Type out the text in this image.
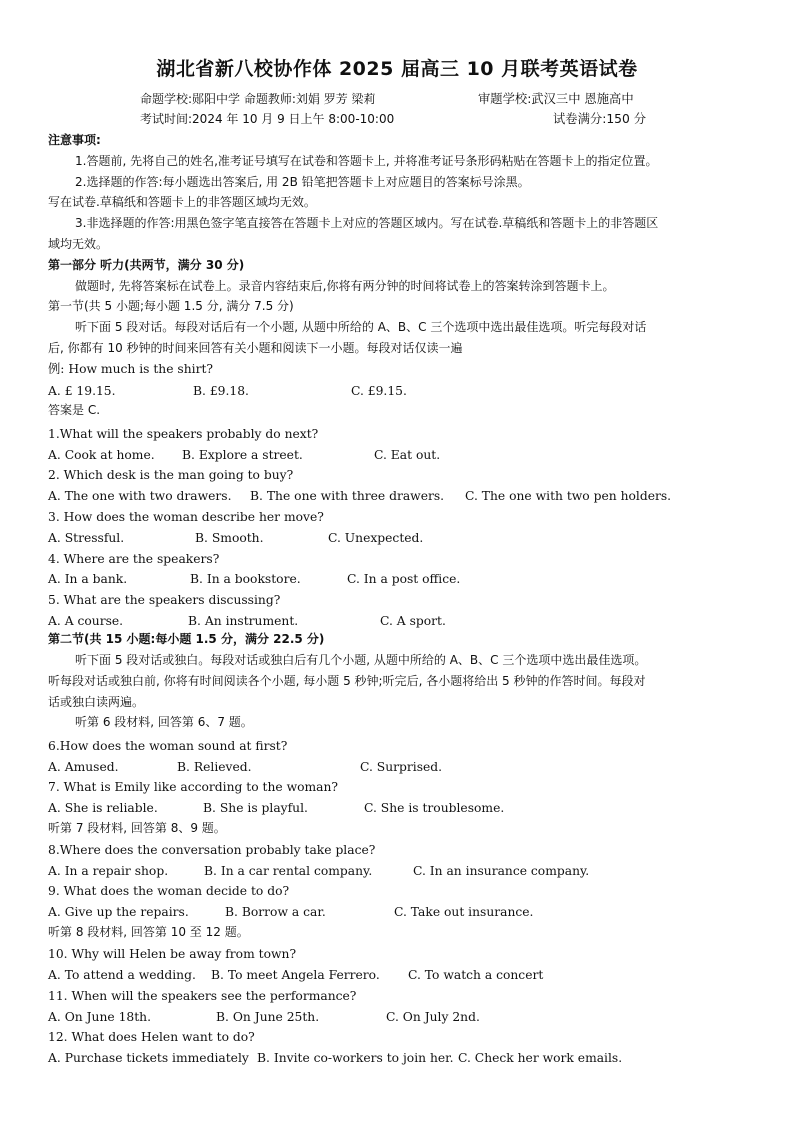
湖北省新八校协作体 2025 届高三 10 月联考英语试卷
命题学校:郧阳中学 命题教师:刘娟 罗芳 梁莉	审题学校:武汉三中 恩施高中
考试时间:2024 年 10 月 9 日上午 8:00-10:00	试卷满分:150 分
注意事项:
1.答题前, 先将自己的姓名,准考证号填写在试卷和答题卡上, 并将准考证号条形码粘贴在答题卡上的指定位置。
2.选择题的作答:每小题选出答案后, 用 2B 铅笔把答题卡上对应题目的答案标号涂黑。
写在试卷.草稿纸和答题卡上的非答题区域均无效。
3.非选择题的作答:用黑色签字笔直接答在答题卡上对应的答题区域内。写在试卷.草稿纸和答题卡上的非答题区
域均无效。
第一部分 听力(共两节，满分 30 分)
做题时, 先将答案标在试卷上。录音内容结束后,你将有两分钟的时间将试卷上的答案转涂到答题卡上。
第一节(共 5 小题;每小题 1.5 分, 满分 7.5 分)
听下面 5 段对话。每段对话后有一个小题, 从题中所给的 A、B、C 三个选项中选出最佳选项。听完每段对话
后, 你都有 10 秒钟的时间来回答有关小题和阅读下一小题。每段对话仅读一遍
例: How much is the shirt?
A. £ 19.15.	B. £9.18.	C. £9.15.
答案是 C.
1.What will the speakers probably do next?
A. Cook at home. B. Explore a street.	C. Eat out.
2. Which desk is the man going to buy?
A. The one with two drawers. B. The one with three drawers. C. The one with two pen holders.
3. How does the woman describe her move?
A. Stressful.	B. Smooth.	C. Unexpected.
4. Where are the speakers?
A. In a bank.	B. In a bookstore.	C. In a post office.
5. What are the speakers discussing?
A. A course.	B. An instrument.	C. A sport.
第二节(共 15 小题:每小题 1.5 分，满分 22.5 分)
听下面 5 段对话或独白。每段对话或独白后有几个小题, 从题中所给的 A、B、C 三个选项中选出最佳选项。
听每段对话或独白前, 你将有时间阅读各个小题, 每小题 5 秒钟;听完后, 各小题将给出 5 秒钟的作答时间。每段对
话或独白读两遍。
听第 6 段材料, 回答第 6、7 题。
6.How does the woman sound at first?
A. Amused.	B. Relieved.	C. Surprised.
7. What is Emily like according to the woman?
A. She is reliable.	B. She is playful.	C. She is troublesome.
听第 7 段材料, 回答第 8、9 题。
8.Where does the conversation probably take place?
A. In a repair shop.	B. In a car rental company.	C. In an insurance company.
9. What does the woman decide to do?
A. Give up the repairs.	B. Borrow a car.	C. Take out insurance.
听第 8 段材料, 回答第 10 至 12 题。
10. Why will Helen be away from town?
A. To attend a wedding. B. To meet Angela Ferrero. C. To watch a concert
11. When will the speakers see the performance?
A. On June 18th.	B. On June 25th.	C. On July 2nd.
12. What does Helen want to do?
A. Purchase tickets immediately B. Invite co-workers to join her. C. Check her work emails.
